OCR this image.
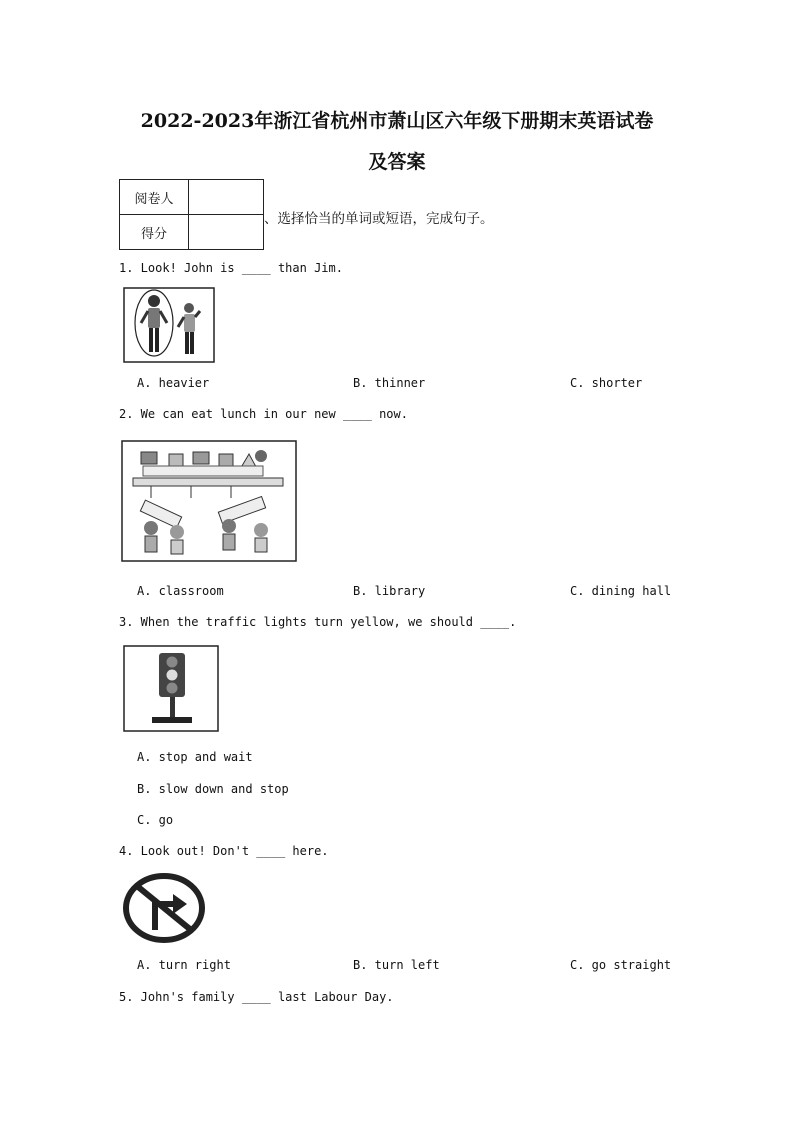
2022-2023年浙江省杭州市萧山区六年级下册期末英语试卷
及答案
阅卷人	
得分	
、选择恰当的单词或短语，完成句子。
1. Look! John is ____ than Jim.
A. heavier	B. thinner	C. shorter
2. We can eat lunch in our new ____ now.
A. classroom	B. library	C. dining hall
3. When the traffic lights turn yellow, we should ____.
A. stop and wait
B. slow down and stop
C. go
4. Look out! Don't ____ here.
A. turn right	B. turn left	C. go straight
5. John's family ____ last Labour Day.
